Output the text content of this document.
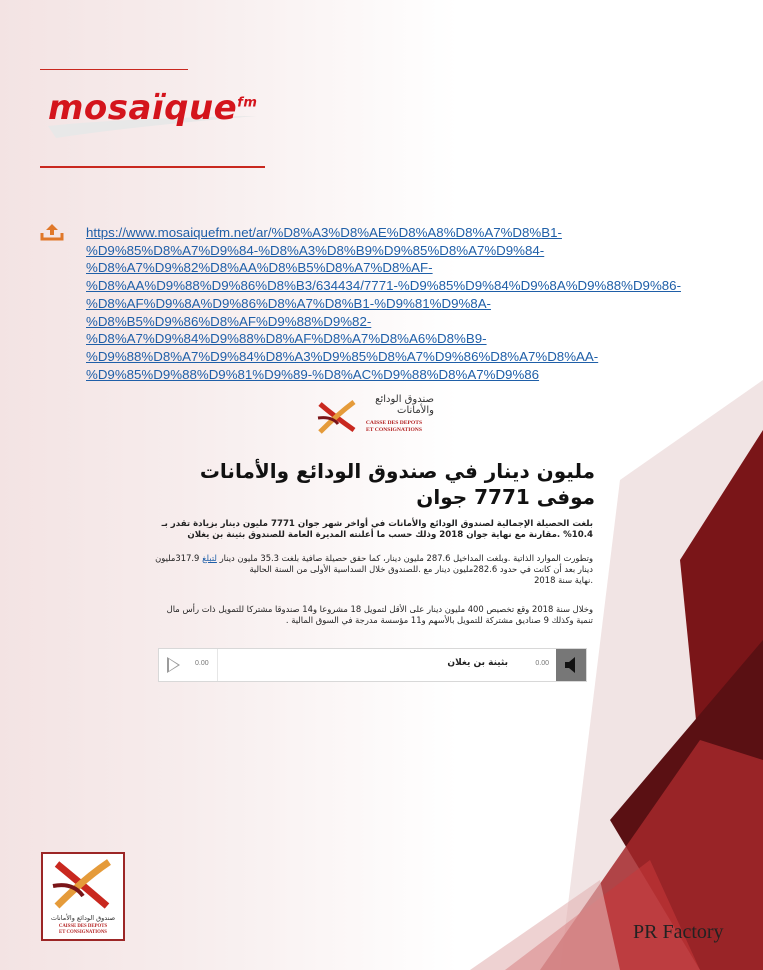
mosaïque$^{fm}$
https://www.mosaiquefm.net/ar/%D8%A3%D8%AE%D8%A8%D8%A7%D8%B1-
%D9%85%D8%A7%D9%84-%D8%A3%D8%B9%D9%85%D8%A7%D9%84-
%D8%A7%D9%82%D8%AA%D8%B5%D8%A7%D8%AF-
%D8%AA%D9%88%D9%86%D8%B3/634434/7771-%D9%85%D9%84%D9%8A%D9%88%D9%86-
%D8%AF%D9%8A%D9%86%D8%A7%D8%B1-%D9%81%D9%8A-
%D8%B5%D9%86%D8%AF%D9%88%D9%82-
%D8%A7%D9%84%D9%88%D8%AF%D8%A7%D8%A6%D8%B9-
%D9%88%D8%A7%D9%84%D8%A3%D9%85%D8%A7%D9%86%D8%A7%D8%AA-
%D9%85%D9%88%D9%81%D9%89-%D8%AC%D9%88%D8%A7%D9%86
صندوق الودائع والأمانات
CAISSE DES DEPOTS
ET CONSIGNATIONS
مليون دينار في صندوق الودائع والأمانات موفى 7771 جوان
بلغت الحصيلة الإجمالية لصندوق الودائع والأمانات في أواخر شهر جوان 7771 مليون دينار بزيادة تقدر بـ 10.4% .مقارنة مع نهاية جوان 2018 وذلك حسب ما أعلنته المديرة العامة للصندوق بثينة بن يغلان
وتطورت الموارد الذاتية .وبلغت المداخيل 287.6 مليون دينار، كما حقق حصيلة صافية بلغت 35.3 مليون دينار لتبلغ 317.9مليون دينار بعد أن كانت في حدود 282.6مليون دينار مع .للصندوق خلال السداسية الأولى من السنة الحالية
.نهاية سنة 2018
وخلال سنة 2018 وقع تخصيص 400 مليون دينار على الأقل لتمويل 18 مشروعا و14 صندوقا مشتركا للتمويل ذات رأس مال تنمية وكذلك 9 صناديق مشتركة للتمويل بالأسهم و11 مؤسسة مدرجة في السوق المالية .
0.00	بثينة بن يغلان	0.00
صندوق الودائع والأمانات
CAISSE DES DEPOTS
ET CONSIGNATIONS	PR Factory
